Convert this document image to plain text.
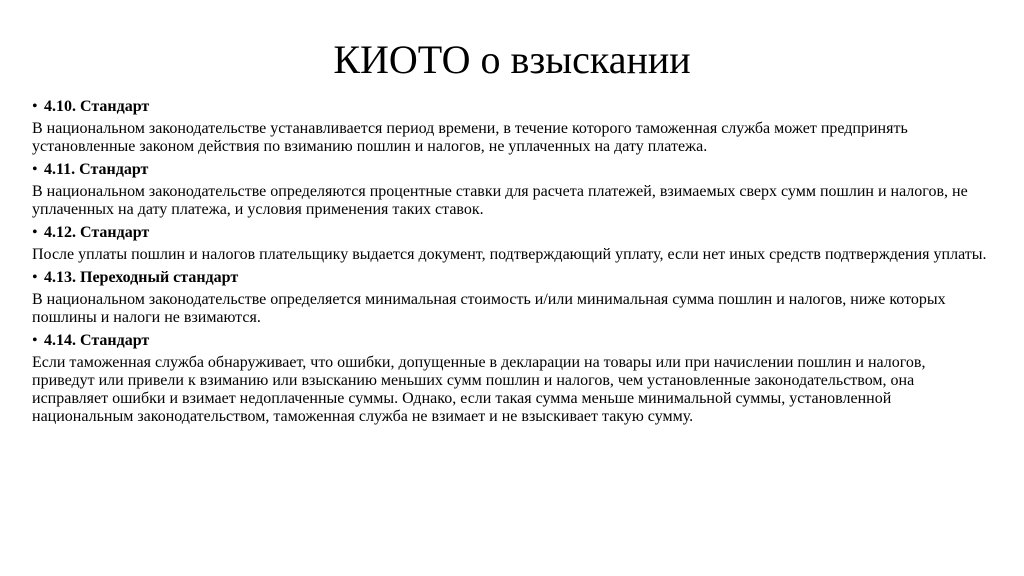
КИОТО о взыскании

• 4.10. Стандарт

В национальном законодательстве устанавливается период времени, в течение которого таможенная служба может предпринять установленные законом действия по взиманию пошлин и налогов, не уплаченных на дату платежа.

• 4.11. Стандарт

В национальном законодательстве определяются процентные ставки для расчета платежей, взимаемых сверх сумм пошлин и налогов, не уплаченных на дату платежа, и условия применения таких ставок.

• 4.12. Стандарт

После уплаты пошлин и налогов плательщику выдается документ, подтверждающий уплату, если нет иных средств подтверждения уплаты.

• 4.13. Переходный стандарт

В национальном законодательстве определяется минимальная стоимость и/или минимальная сумма пошлин и налогов, ниже которых пошлины и налоги не взимаются.

• 4.14. Стандарт

Если таможенная служба обнаруживает, что ошибки, допущенные в декларации на товары или при начислении пошлин и налогов, приведут или привели к взиманию или взысканию меньших сумм пошлин и налогов, чем установленные законодательством, она исправляет ошибки и взимает недоплаченные суммы. Однако, если такая сумма меньше минимальной суммы, установленной национальным законодательством, таможенная служба не взимает и не взыскивает такую сумму.
